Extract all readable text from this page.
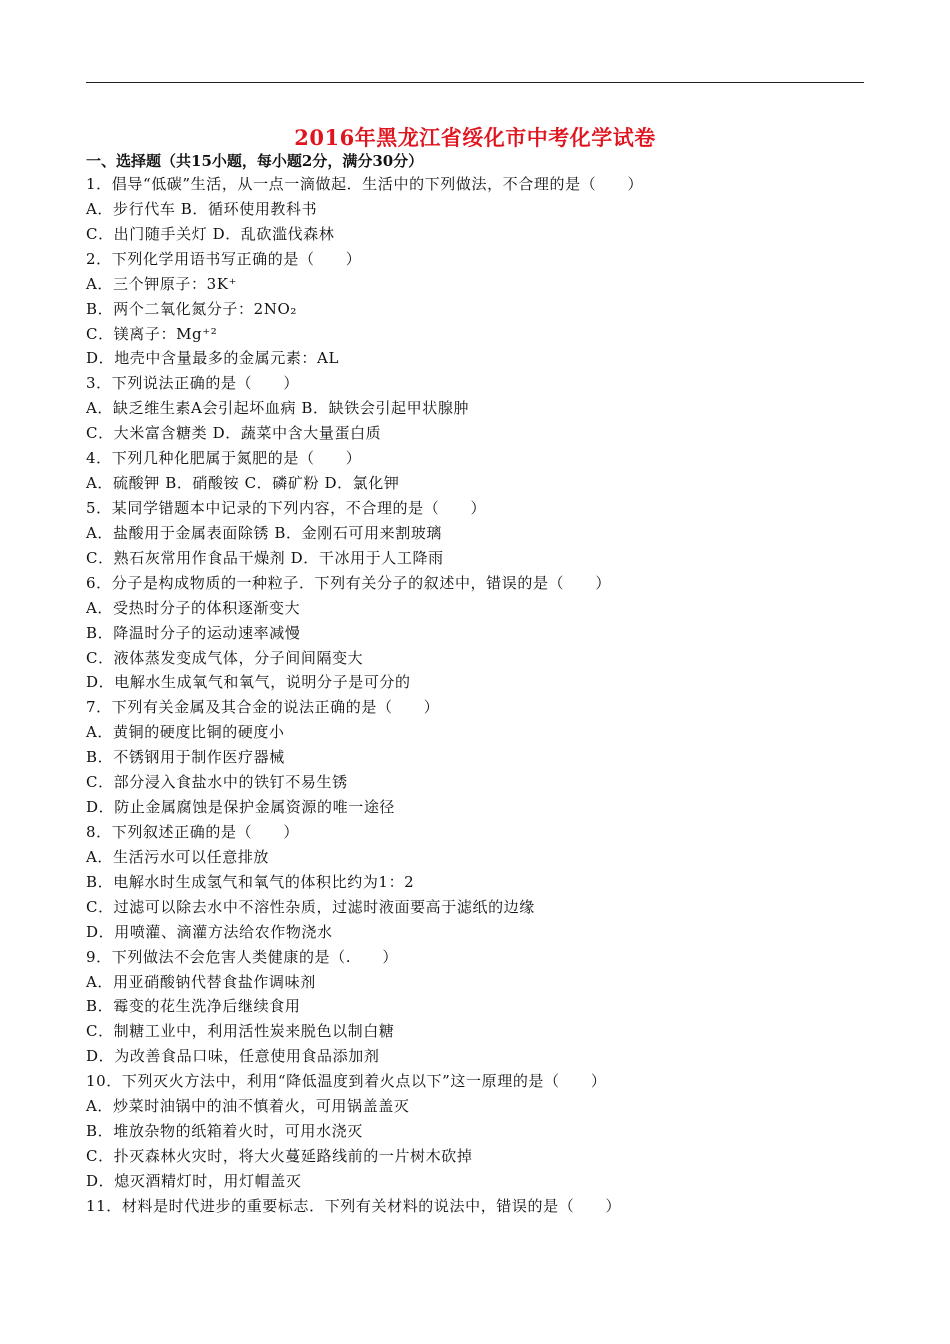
2016年黑龙江省绥化市中考化学试卷
一、选择题（共15小题，每小题2分，满分30分）
1．倡导“低碳”生活，从一点一滴做起．生活中的下列做法，不合理的是（　　）
A．步行代车 B．循环使用教科书
C．出门随手关灯 D．乱砍滥伐森林
2．下列化学用语书写正确的是（　　）
A．三个钾原子：3K⁺
B．两个二氧化氮分子：2NO₂
C．镁离子：Mg⁺²
D．地壳中含量最多的金属元素：AL
3．下列说法正确的是（　　）
A．缺乏维生素A会引起坏血病 B．缺铁会引起甲状腺肿
C．大米富含糖类 D．蔬菜中含大量蛋白质
4．下列几种化肥属于氮肥的是（　　）
A．硫酸钾 B．硝酸铵 C．磷矿粉 D．氯化钾
5．某同学错题本中记录的下列内容，不合理的是（　　）
A．盐酸用于金属表面除锈 B．金刚石可用来割玻璃
C．熟石灰常用作食品干燥剂 D．干冰用于人工降雨
6．分子是构成物质的一种粒子．下列有关分子的叙述中，错误的是（　　）
A．受热时分子的体积逐渐变大
B．降温时分子的运动速率减慢
C．液体蒸发变成气体，分子间间隔变大
D．电解水生成氧气和氧气，说明分子是可分的
7．下列有关金属及其合金的说法正确的是（　　）
A．黄铜的硬度比铜的硬度小
B．不锈钢用于制作医疗器械
C．部分浸入食盐水中的铁钉不易生锈
D．防止金属腐蚀是保护金属资源的唯一途径
8．下列叙述正确的是（　　）
A．生活污水可以任意排放
B．电解水时生成氢气和氧气的体积比约为1：2
C．过滤可以除去水中不溶性杂质，过滤时液面要高于滤纸的边缘
D．用喷灌、滴灌方法给农作物浇水
9．下列做法不会危害人类健康的是（.　　）
A．用亚硝酸钠代替食盐作调味剂
B．霉变的花生洗净后继续食用
C．制糖工业中，利用活性炭来脱色以制白糖
D．为改善食品口味，任意使用食品添加剂
10．下列灭火方法中，利用“降低温度到着火点以下”这一原理的是（　　）
A．炒菜时油锅中的油不慎着火，可用锅盖盖灭
B．堆放杂物的纸箱着火时，可用水浇灭
C．扑灭森林火灾时，将大火蔓延路线前的一片树木砍掉
D．熄灭酒精灯时，用灯帽盖灭
11．材料是时代进步的重要标志．下列有关材料的说法中，错误的是（　　）
